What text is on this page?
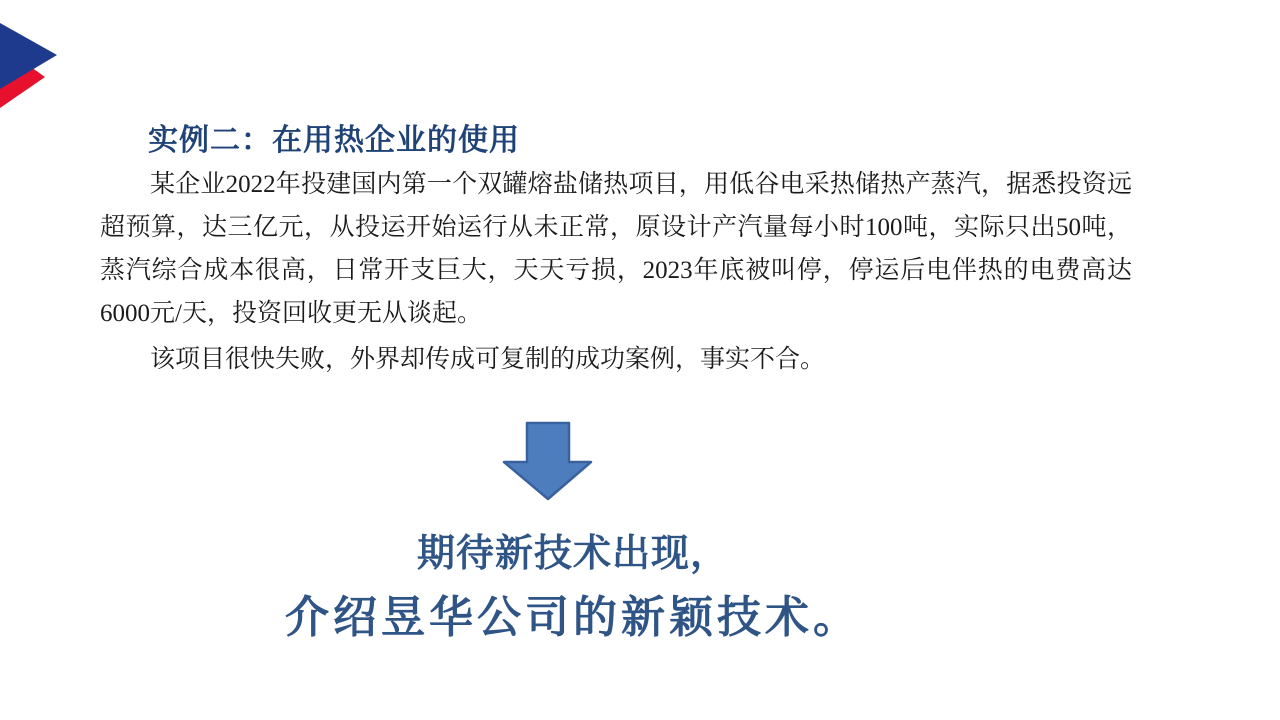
实例二：在用热企业的使用

某企业2022年投建国内第一个双罐熔盐储热项目，用低谷电采热储热产蒸汽，据悉投资远超预算，达三亿元，从投运开始运行从未正常，原设计产汽量每小时100吨，实际只出50吨，蒸汽综合成本很高，日常开支巨大，天天亏损，2023年底被叫停，停运后电伴热的电费高达6000元/天，投资回收更无从谈起。

该项目很快失败，外界却传成可复制的成功案例，事实不合。

期待新技术出现，
介绍昱华公司的新颖技术。
